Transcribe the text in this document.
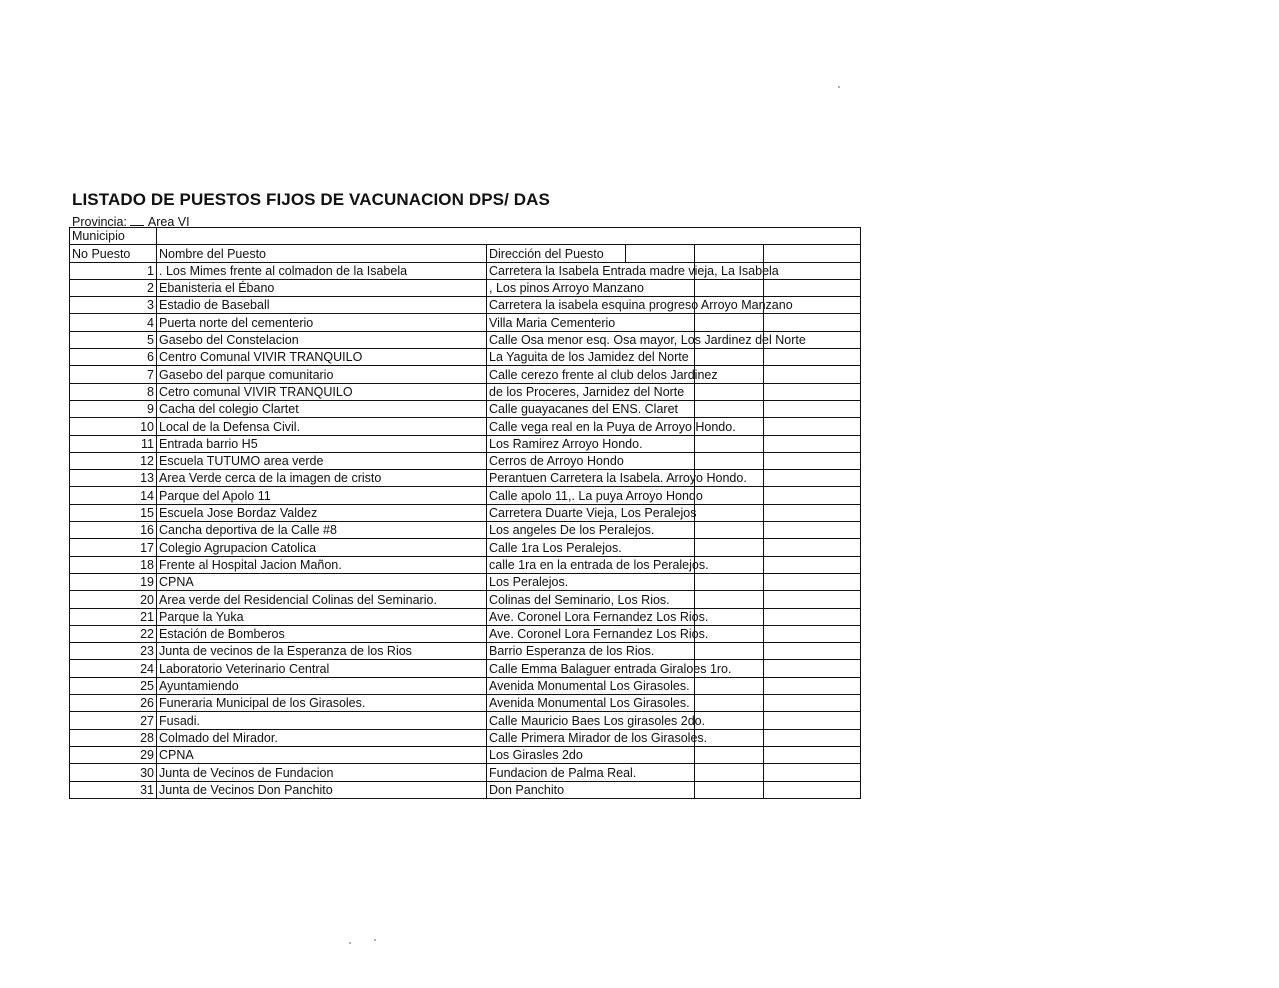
LISTADO DE PUESTOS FIJOS DE VACUNACION DPS/ DAS
Provincia: Area VI
Municipio					
No Puesto	Nombre del Puesto	Dirección del Puesto			
1	. Los Mimes frente al colmadon de la Isabela	Carretera la Isabela Entrada madre vieja, La Isabela			
2	Ebanisteria el Ébano	, Los pinos Arroyo Manzano			
3	Estadio de Baseball	Carretera la isabela esquina progreso Arroyo Manzano			
4	Puerta norte del cementerio	Villa Maria Cementerio			
5	Gasebo del Constelacion	Calle Osa menor esq. Osa mayor, Los Jardinez del Norte			
6	Centro Comunal VIVIR TRANQUILO	La Yaguita de los Jamidez del Norte			
7	Gasebo del parque comunitario	Calle cerezo frente al club delos Jardinez			
8	Cetro comunal VIVIR TRANQUILO	de los Proceres, Jarnidez del Norte			
9	Cacha del colegio Clartet	Calle guayacanes del ENS. Claret			
10	Local de la Defensa Civil.	Calle vega real en la Puya de Arroyo Hondo.			
11	Entrada barrio H5	Los Ramirez Arroyo Hondo.			
12	Escuela TUTUMO area verde	Cerros de Arroyo Hondo			
13	Area Verde cerca de la imagen de cristo	Perantuen Carretera la Isabela. Arroyo Hondo.			
14	Parque del Apolo 11	Calle apolo 11,. La puya Arroyo Hondo			
15	Escuela Jose Bordaz Valdez	Carretera Duarte Vieja, Los Peralejos			
16	Cancha deportiva de la Calle #8	Los angeles De los Peralejos.			
17	Colegio Agrupacion Catolica	Calle 1ra Los Peralejos.			
18	Frente al Hospital Jacion Mañon.	calle 1ra en la entrada de los Peralejos.			
19	CPNA	Los Peralejos.			
20	Area verde del Residencial Colinas del Seminario.	Colinas del Seminario, Los Rios.			
21	Parque la Yuka	Ave. Coronel Lora Fernandez Los Rios.			
22	Estación de Bomberos	Ave. Coronel Lora Fernandez Los Rios.			
23	Junta de vecinos de la Esperanza de los Rios	Barrio Esperanza de los Rios.			
24	Laboratorio Veterinario Central	Calle Emma Balaguer entrada Giraloes 1ro.			
25	Ayuntamiendo	Avenida Monumental Los Girasoles.			
26	Funeraria Municipal de los Girasoles.	Avenida Monumental Los Girasoles.			
27	Fusadi.	Calle Mauricio Baes Los girasoles 2do.			
28	Colmado del Mirador.	Calle Primera Mirador de los Girasoles.			
29	CPNA	Los Girasles 2do			
30	Junta de Vecinos de Fundacion	Fundacion de Palma Real.			
31	Junta de Vecinos Don Panchito	Don Panchito			
